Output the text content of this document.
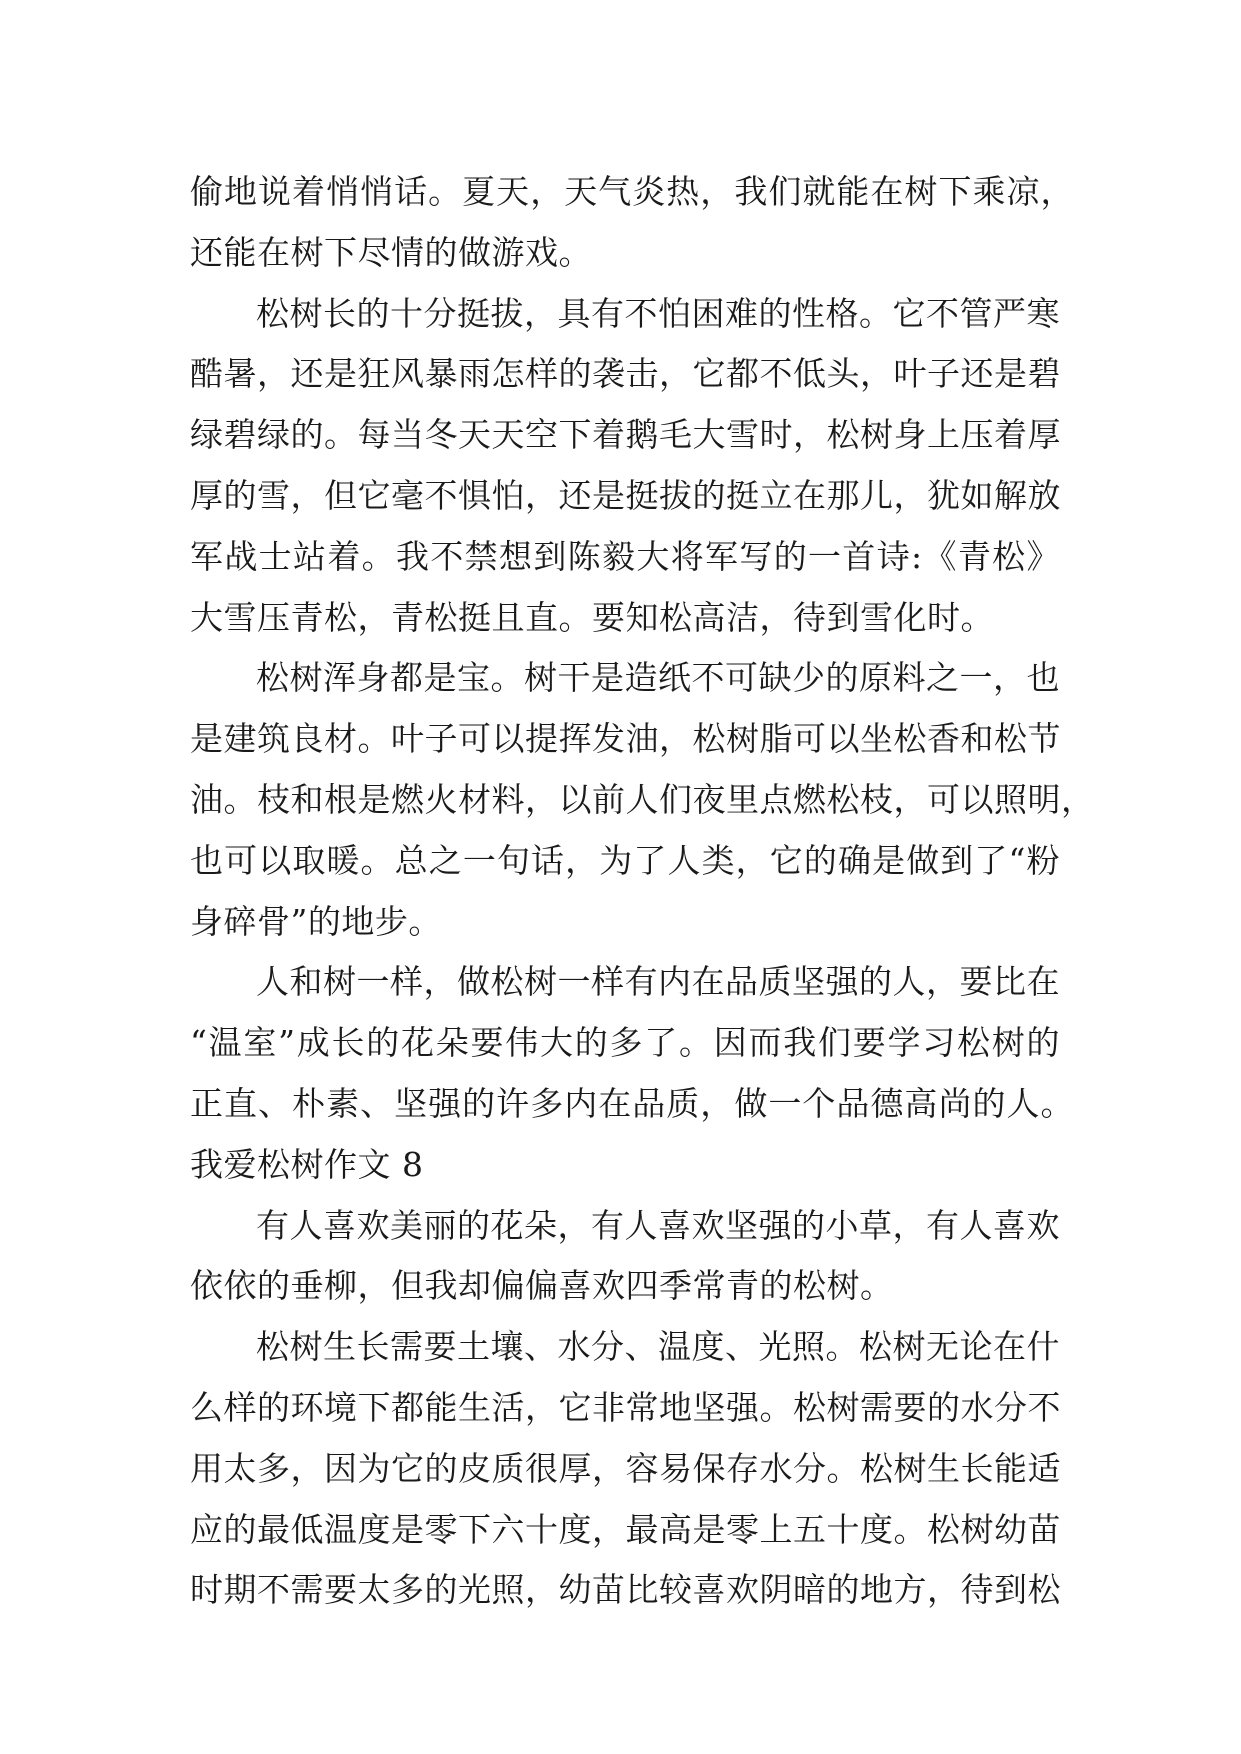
偷地说着悄悄话。夏天，天气炎热，我们就能在树下乘凉，
还能在树下尽情的做游戏。
松树长的十分挺拔，具有不怕困难的性格。它不管严寒
酷暑，还是狂风暴雨怎样的袭击，它都不低头，叶子还是碧
绿碧绿的。每当冬天天空下着鹅毛大雪时，松树身上压着厚
厚的雪，但它毫不惧怕，还是挺拔的挺立在那儿，犹如解放
军战士站着。我不禁想到陈毅大将军写的一首诗:《青松》
大雪压青松，青松挺且直。要知松高洁，待到雪化时。
松树浑身都是宝。树干是造纸不可缺少的原料之一，也
是建筑良材。叶子可以提挥发油，松树脂可以坐松香和松节
油。枝和根是燃火材料，以前人们夜里点燃松枝，可以照明，
也可以取暖。总之一句话，为了人类，它的确是做到了“粉
身碎骨”的地步。
人和树一样，做松树一样有内在品质坚强的人，要比在
“温室”成长的花朵要伟大的多了。因而我们要学习松树的
正直、朴素、坚强的许多内在品质，做一个品德高尚的人。
我爱松树作文 8
有人喜欢美丽的花朵，有人喜欢坚强的小草，有人喜欢
依依的垂柳，但我却偏偏喜欢四季常青的松树。
松树生长需要土壤、水分、温度、光照。松树无论在什
么样的环境下都能生活，它非常地坚强。松树需要的水分不
用太多，因为它的皮质很厚，容易保存水分。松树生长能适
应的最低温度是零下六十度，最高是零上五十度。松树幼苗
时期不需要太多的光照，幼苗比较喜欢阴暗的地方，待到松
